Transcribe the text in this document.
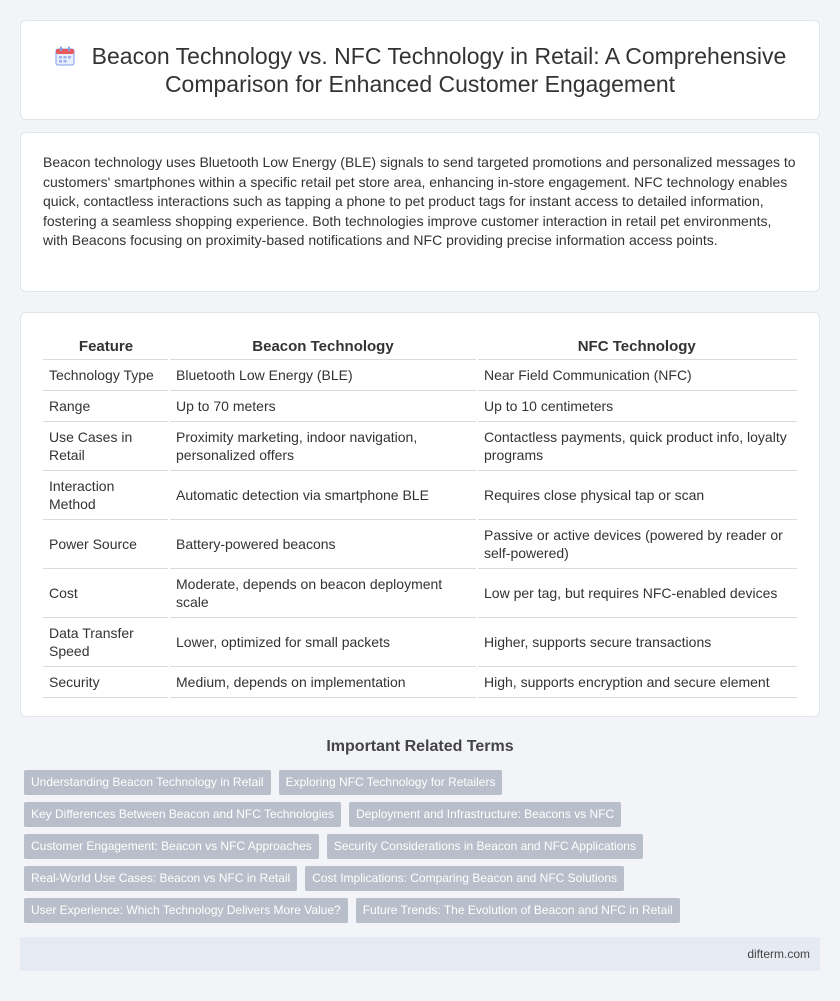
Beacon Technology vs. NFC Technology in Retail: A Comprehensive Comparison for Enhanced Customer Engagement

Beacon technology uses Bluetooth Low Energy (BLE) signals to send targeted promotions and personalized messages to customers' smartphones within a specific retail pet store area, enhancing in-store engagement. NFC technology enables quick, contactless interactions such as tapping a phone to pet product tags for instant access to detailed information, fostering a seamless shopping experience. Both technologies improve customer interaction in retail pet environments, with Beacons focusing on proximity-based notifications and NFC providing precise information access points.

Feature	Beacon Technology	NFC Technology
Technology Type	Bluetooth Low Energy (BLE)	Near Field Communication (NFC)
Range	Up to 70 meters	Up to 10 centimeters
Use Cases in Retail	Proximity marketing, indoor navigation, personalized offers	Contactless payments, quick product info, loyalty programs
Interaction Method	Automatic detection via smartphone BLE	Requires close physical tap or scan
Power Source	Battery-powered beacons	Passive or active devices (powered by reader or self-powered)
Cost	Moderate, depends on beacon deployment scale	Low per tag, but requires NFC-enabled devices
Data Transfer Speed	Lower, optimized for small packets	Higher, supports secure transactions
Security	Medium, depends on implementation	High, supports encryption and secure element
Important Related Terms
Understanding Beacon Technology in Retail	Exploring NFC Technology for Retailers
Key Differences Between Beacon and NFC Technologies	Deployment and Infrastructure: Beacons vs NFC
Customer Engagement: Beacon vs NFC Approaches	Security Considerations in Beacon and NFC Applications
Real-World Use Cases: Beacon vs NFC in Retail	Cost Implications: Comparing Beacon and NFC Solutions
User Experience: Which Technology Delivers More Value?	Future Trends: The Evolution of Beacon and NFC in Retail
difterm.com
